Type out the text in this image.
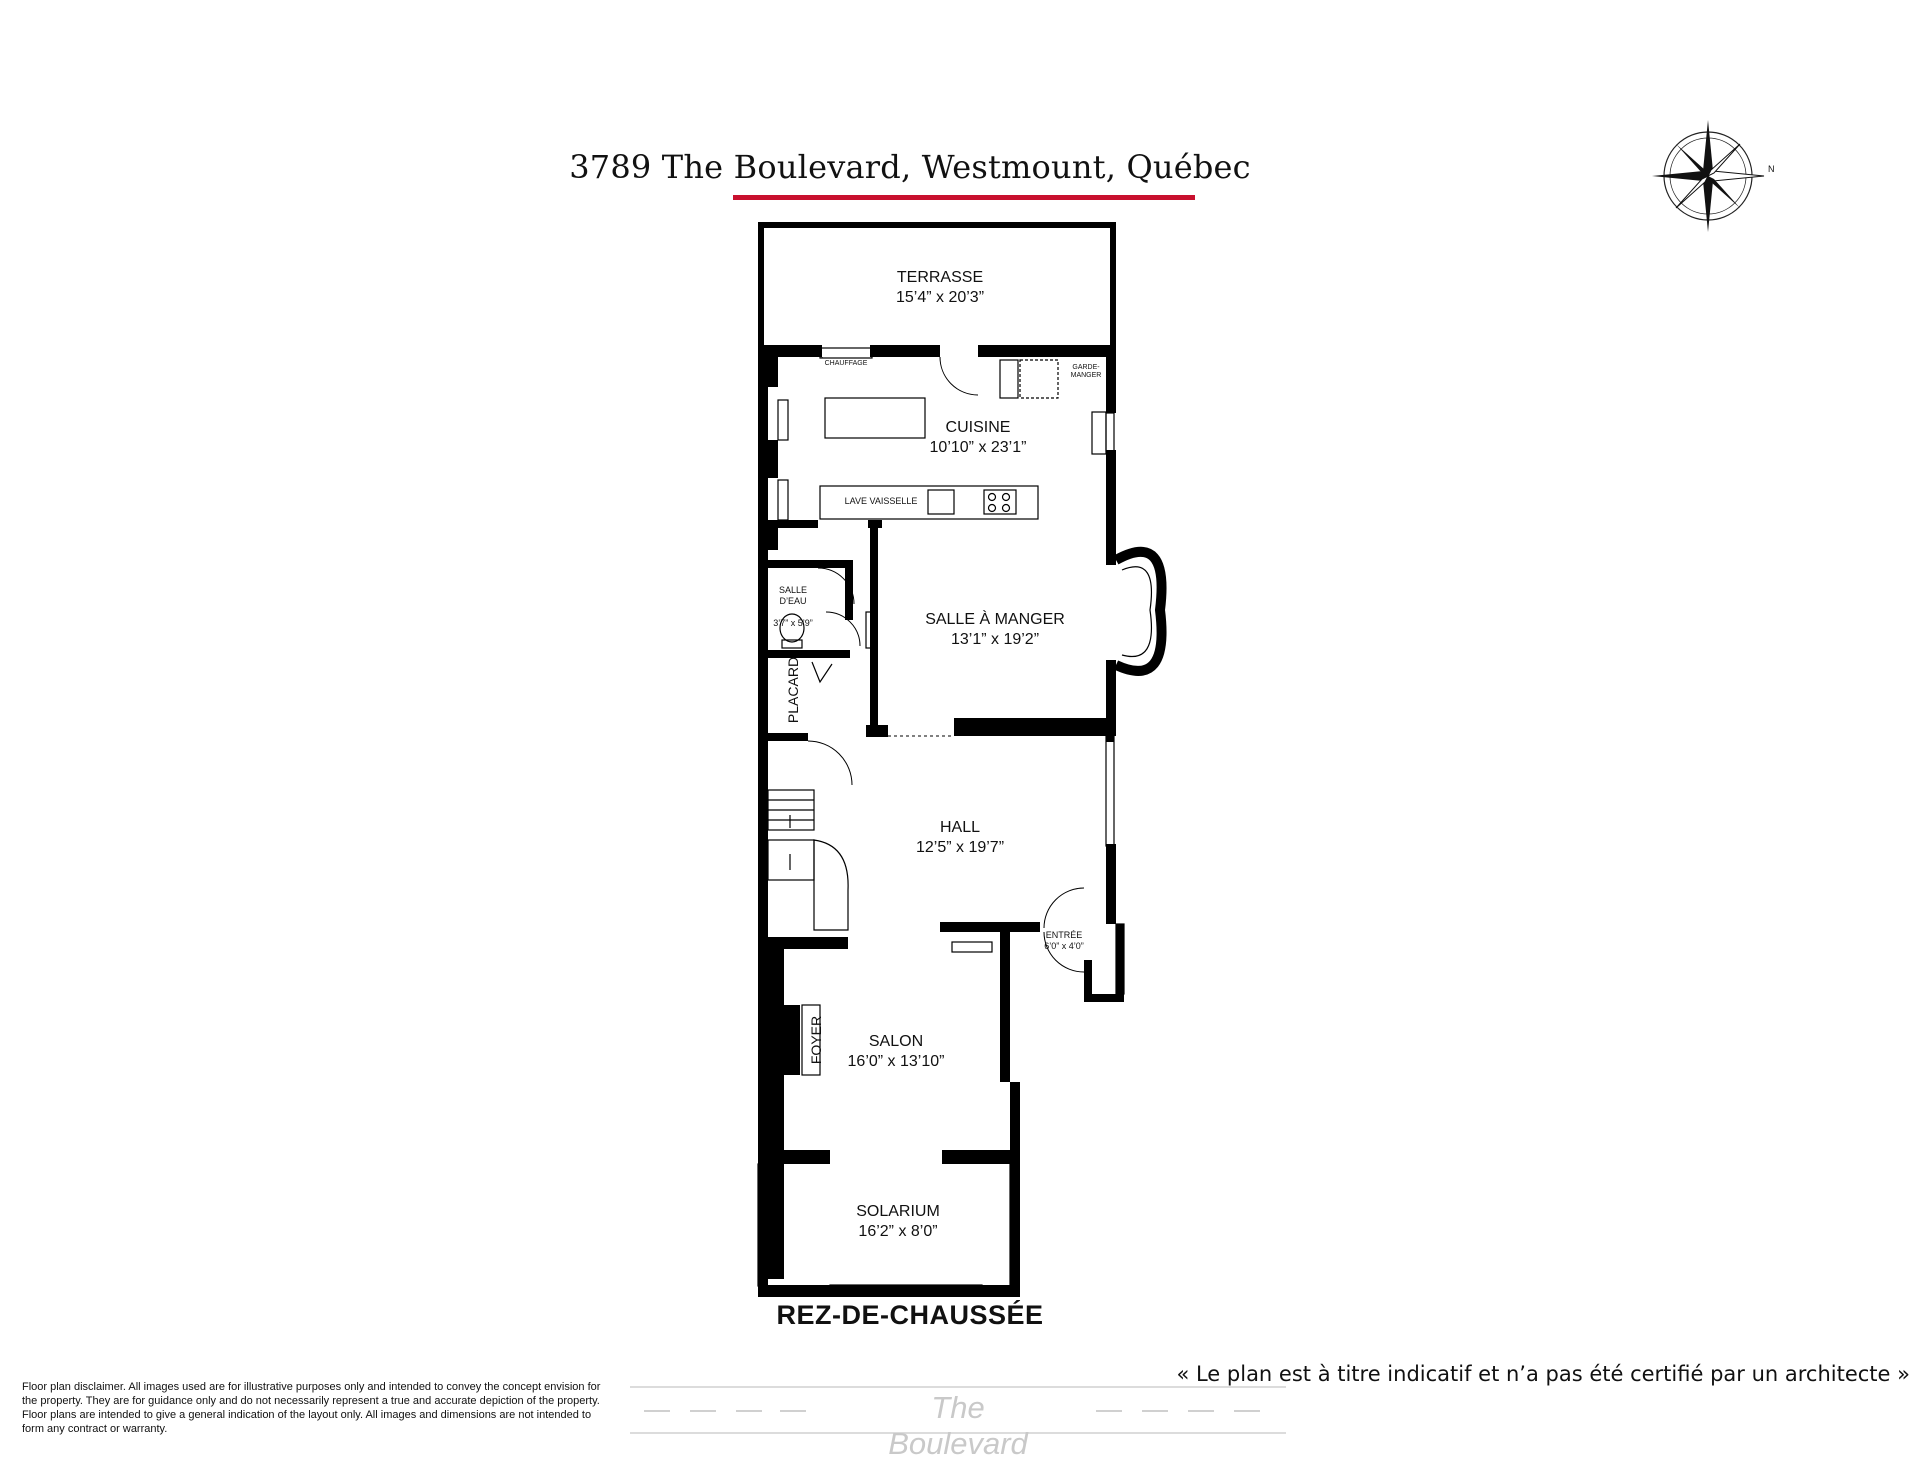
3789 The Boulevard, Westmount, Québec	N
TERRASSE
15’4” x 20’3”
CUISINE
10’10” x 23’1”
SALLE À MANGER
13’1” x 19’2”

SALLE
D’EAU

3’7” x 5’9”

PLACARD
HALL
12’5” x 19’7”
ENTRÉE
6’0” x 4’0”
SALON
16’0” x 13’10”
SOLARIUM
16’2” x 8’0”
FOYER
CHAUFFAGE
GARDE-
MANGER
LAVE VAISSELLE
REZ-DE-CHAUSSÉE
« Le plan est à titre indicatif et n’a pas été certifié par un architecte »
Floor plan disclaimer. All images used are for illustrative purposes only and intended to convey the concept envision for the property. They are for guidance only and do not necessarily represent a true and accurate depiction of the property. Floor plans are intended to give a general indication of the layout only. All images and dimensions are not intended to form any contract or warranty.
The Boulevard
